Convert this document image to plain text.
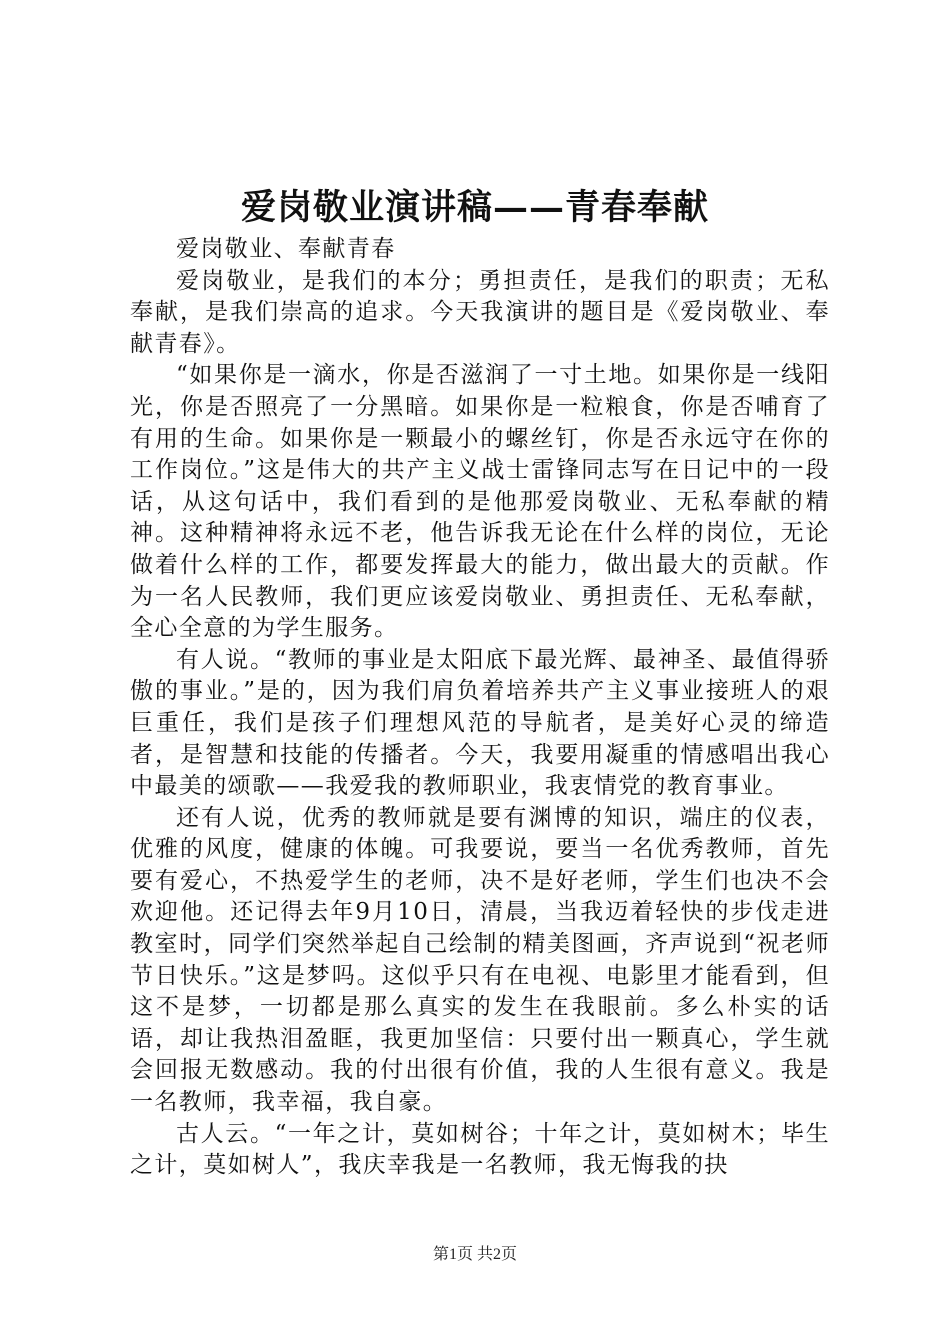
爱岗敬业演讲稿——青春奉献

爱岗敬业、奉献青春

爱岗敬业，是我们的本分；勇担责任，是我们的职责；无私奉献，是我们崇高的追求。今天我演讲的题目是《爱岗敬业、奉献青春》。

“如果你是一滴水，你是否滋润了一寸土地。如果你是一线阳光，你是否照亮了一分黑暗。如果你是一粒粮食，你是否哺育了有用的生命。如果你是一颗最小的螺丝钉，你是否永远守在你的工作岗位。”这是伟大的共产主义战士雷锋同志写在日记中的一段话，从这句话中，我们看到的是他那爱岗敬业、无私奉献的精神。这种精神将永远不老，他告诉我无论在什么样的岗位，无论做着什么样的工作，都要发挥最大的能力，做出最大的贡献。作为一名人民教师，我们更应该爱岗敬业、勇担责任、无私奉献，全心全意的为学生服务。

有人说。“教师的事业是太阳底下最光辉、最神圣、最值得骄傲的事业。”是的，因为我们肩负着培养共产主义事业接班人的艰巨重任，我们是孩子们理想风范的导航者，是美好心灵的缔造者，是智慧和技能的传播者。今天，我要用凝重的情感唱出我心中最美的颂歌——我爱我的教师职业，我衷情党的教育事业。

还有人说，优秀的教师就是要有渊博的知识，端庄的仪表，优雅的风度，健康的体魄。可我要说，要当一名优秀教师，首先要有爱心，不热爱学生的老师，决不是好老师，学生们也决不会欢迎他。还记得去年9月10日，清晨，当我迈着轻快的步伐走进教室时，同学们突然举起自己绘制的精美图画，齐声说到“祝老师节日快乐。”这是梦吗。这似乎只有在电视、电影里才能看到，但这不是梦，一切都是那么真实的发生在我眼前。多么朴实的话语，却让我热泪盈眶，我更加坚信：只要付出一颗真心，学生就会回报无数感动。我的付出很有价值，我的人生很有意义。我是一名教师，我幸福，我自豪。

古人云。“一年之计，莫如树谷；十年之计，莫如树木；毕生之计，莫如树人”，我庆幸我是一名教师，我无悔我的抉

第1页 共2页
